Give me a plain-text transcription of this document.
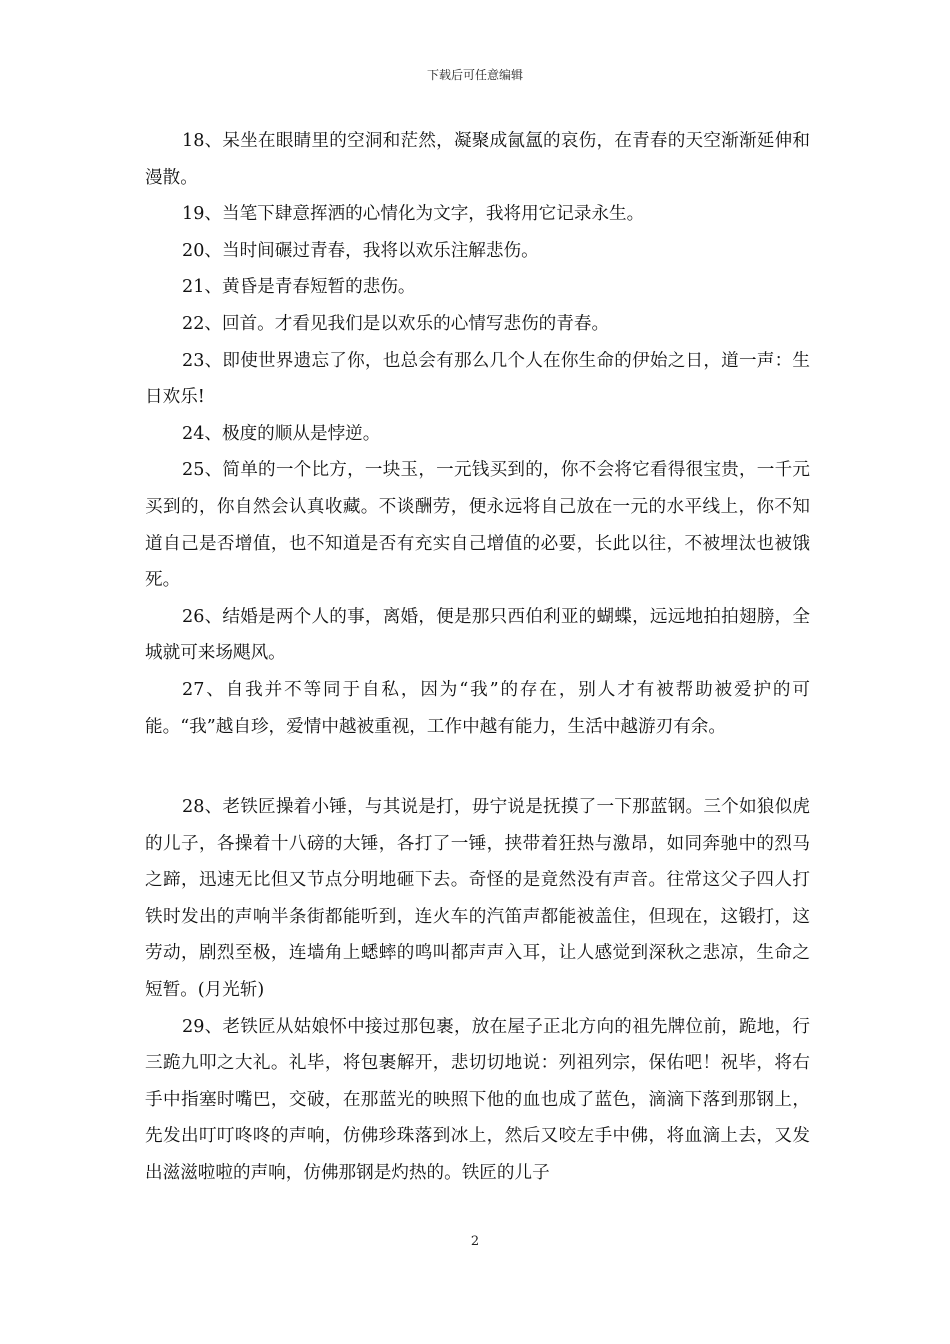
下载后可任意编辑

18、呆坐在眼睛里的空洞和茫然，凝聚成氤氲的哀伤，在青春的天空渐渐延伸和漫散。

19、当笔下肆意挥洒的心情化为文字，我将用它记录永生。

20、当时间碾过青春，我将以欢乐注解悲伤。

21、黄昏是青春短暂的悲伤。

22、回首。才看见我们是以欢乐的心情写悲伤的青春。

23、即使世界遗忘了你，也总会有那么几个人在你生命的伊始之日，道一声：生日欢乐!

24、极度的顺从是悖逆。

25、简单的一个比方，一块玉，一元钱买到的，你不会将它看得很宝贵，一千元买到的，你自然会认真收藏。不谈酬劳，便永远将自己放在一元的水平线上，你不知道自己是否增值，也不知道是否有充实自己增值的必要，长此以往，不被埋汰也被饿死。

26、结婚是两个人的事，离婚，便是那只西伯利亚的蝴蝶，远远地拍拍翅膀，全城就可来场飓风。

27、自我并不等同于自私，因为“我”的存在，别人才有被帮助被爱护的可能。“我”越自珍，爱情中越被重视，工作中越有能力，生活中越游刃有余。

28、老铁匠操着小锤，与其说是打，毋宁说是抚摸了一下那蓝钢。三个如狼似虎的儿子，各操着十八磅的大锤，各打了一锤，挟带着狂热与激昂，如同奔驰中的烈马之蹄，迅速无比但又节点分明地砸下去。奇怪的是竟然没有声音。往常这父子四人打铁时发出的声响半条街都能听到，连火车的汽笛声都能被盖住，但现在，这锻打，这劳动，剧烈至极，连墙角上蟋蟀的鸣叫都声声入耳，让人感觉到深秋之悲凉，生命之短暂。(月光斩)

29、老铁匠从姑娘怀中接过那包裹，放在屋子正北方向的祖先牌位前，跪地，行三跪九叩之大礼。礼毕，将包裹解开，悲切切地说：列祖列宗，保佑吧！祝毕，将右手中指塞时嘴巴，交破，在那蓝光的映照下他的血也成了蓝色，滴滴下落到那钢上，先发出叮叮咚咚的声响，仿佛珍珠落到冰上，然后又咬左手中佛，将血滴上去，又发出滋滋啦啦的声响，仿佛那钢是灼热的。铁匠的儿子

2
